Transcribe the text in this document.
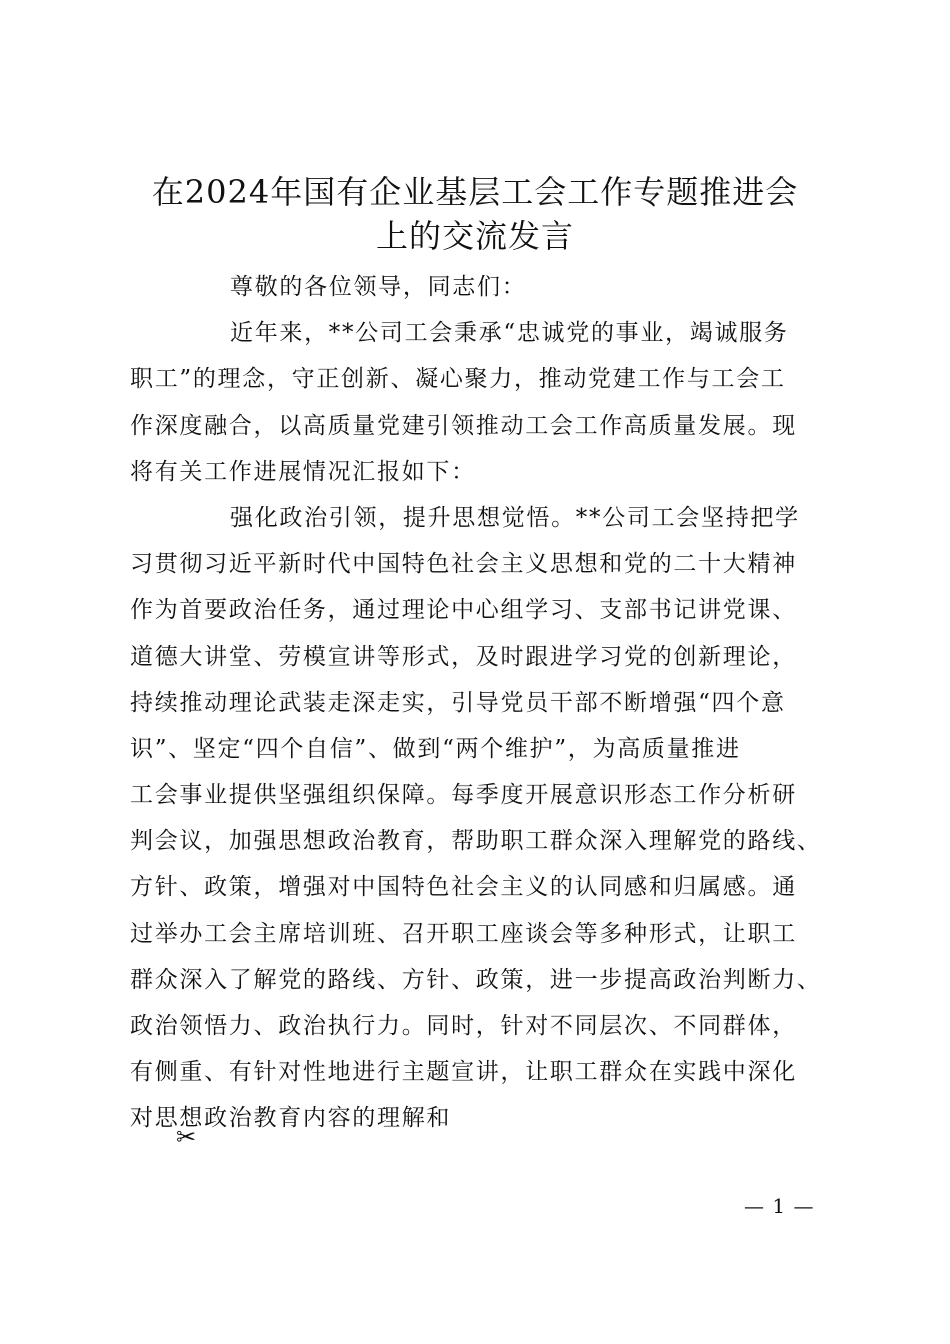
在2024年国有企业基层工会工作专题推进会
上的交流发言
尊敬的各位领导，同志们：
近年来，**公司工会秉承“忠诚党的事业，竭诚服务
职工”的理念，守正创新、凝心聚力，推动党建工作与工会工
作深度融合，以高质量党建引领推动工会工作高质量发展。现
将有关工作进展情况汇报如下：
强化政治引领，提升思想觉悟。**公司工会坚持把学
习贯彻习近平新时代中国特色社会主义思想和党的二十大精神
作为首要政治任务，通过理论中心组学习、支部书记讲党课、
道德大讲堂、劳模宣讲等形式，及时跟进学习党的创新理论，
持续推动理论武装走深走实，引导党员干部不断增强“四个意
识”、坚定“四个自信”、做到“两个维护”，为高质量推进
工会事业提供坚强组织保障。每季度开展意识形态工作分析研
判会议，加强思想政治教育，帮助职工群众深入理解党的路线、
方针、政策，增强对中国特色社会主义的认同感和归属感。通
过举办工会主席培训班、召开职工座谈会等多种形式，让职工
群众深入了解党的路线、方针、政策，进一步提高政治判断力、
政治领悟力、政治执行力。同时，针对不同层次、不同群体，
有侧重、有针对性地进行主题宣讲，让职工群众在实践中深化
对思想政治教育内容的理解和
✂
— 1 —
